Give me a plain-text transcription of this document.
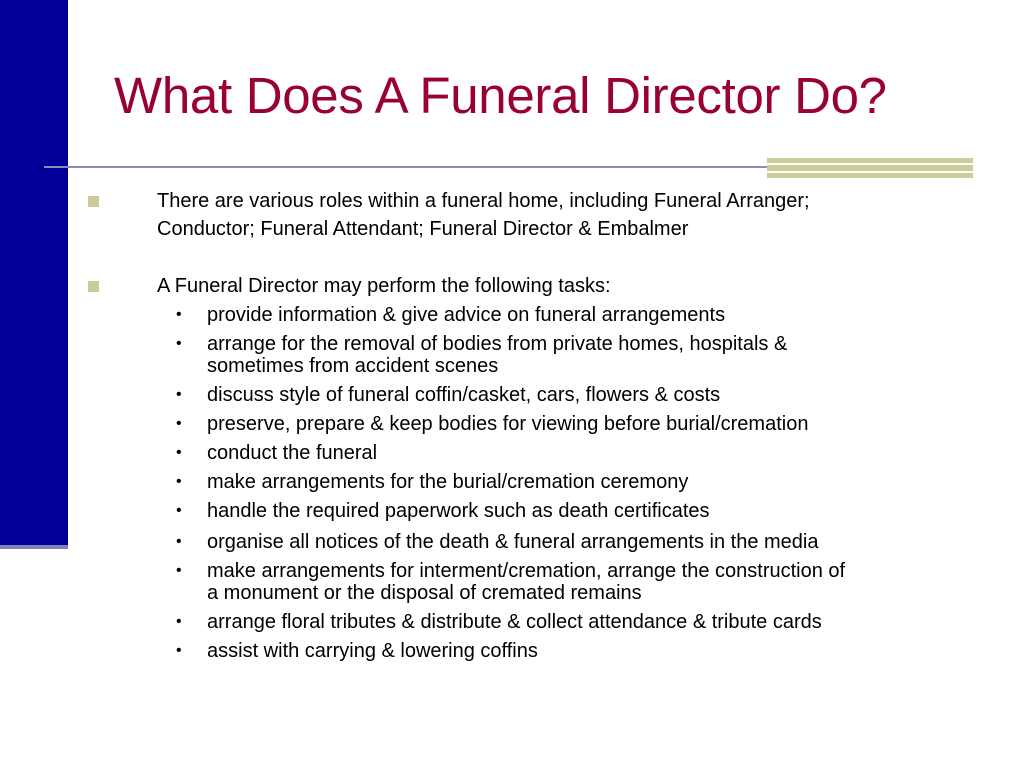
What Does A Funeral Director Do?
There are various roles within a funeral home, including Funeral Arranger;
Conductor; Funeral Attendant; Funeral Director & Embalmer
A Funeral Director may perform the following tasks:
• provide information & give advice on funeral arrangements
• arrange for the removal of bodies from private homes, hospitals &
sometimes from accident scenes
• discuss style of funeral coffin/casket, cars, flowers & costs
• preserve, prepare & keep bodies for viewing before burial/cremation
• conduct the funeral
• make arrangements for the burial/cremation ceremony
• handle the required paperwork such as death certificates
• organise all notices of the death & funeral arrangements in the media
• make arrangements for interment/cremation, arrange the construction of
a monument or the disposal of cremated remains
• arrange floral tributes & distribute & collect attendance & tribute cards
• assist with carrying & lowering coffins
